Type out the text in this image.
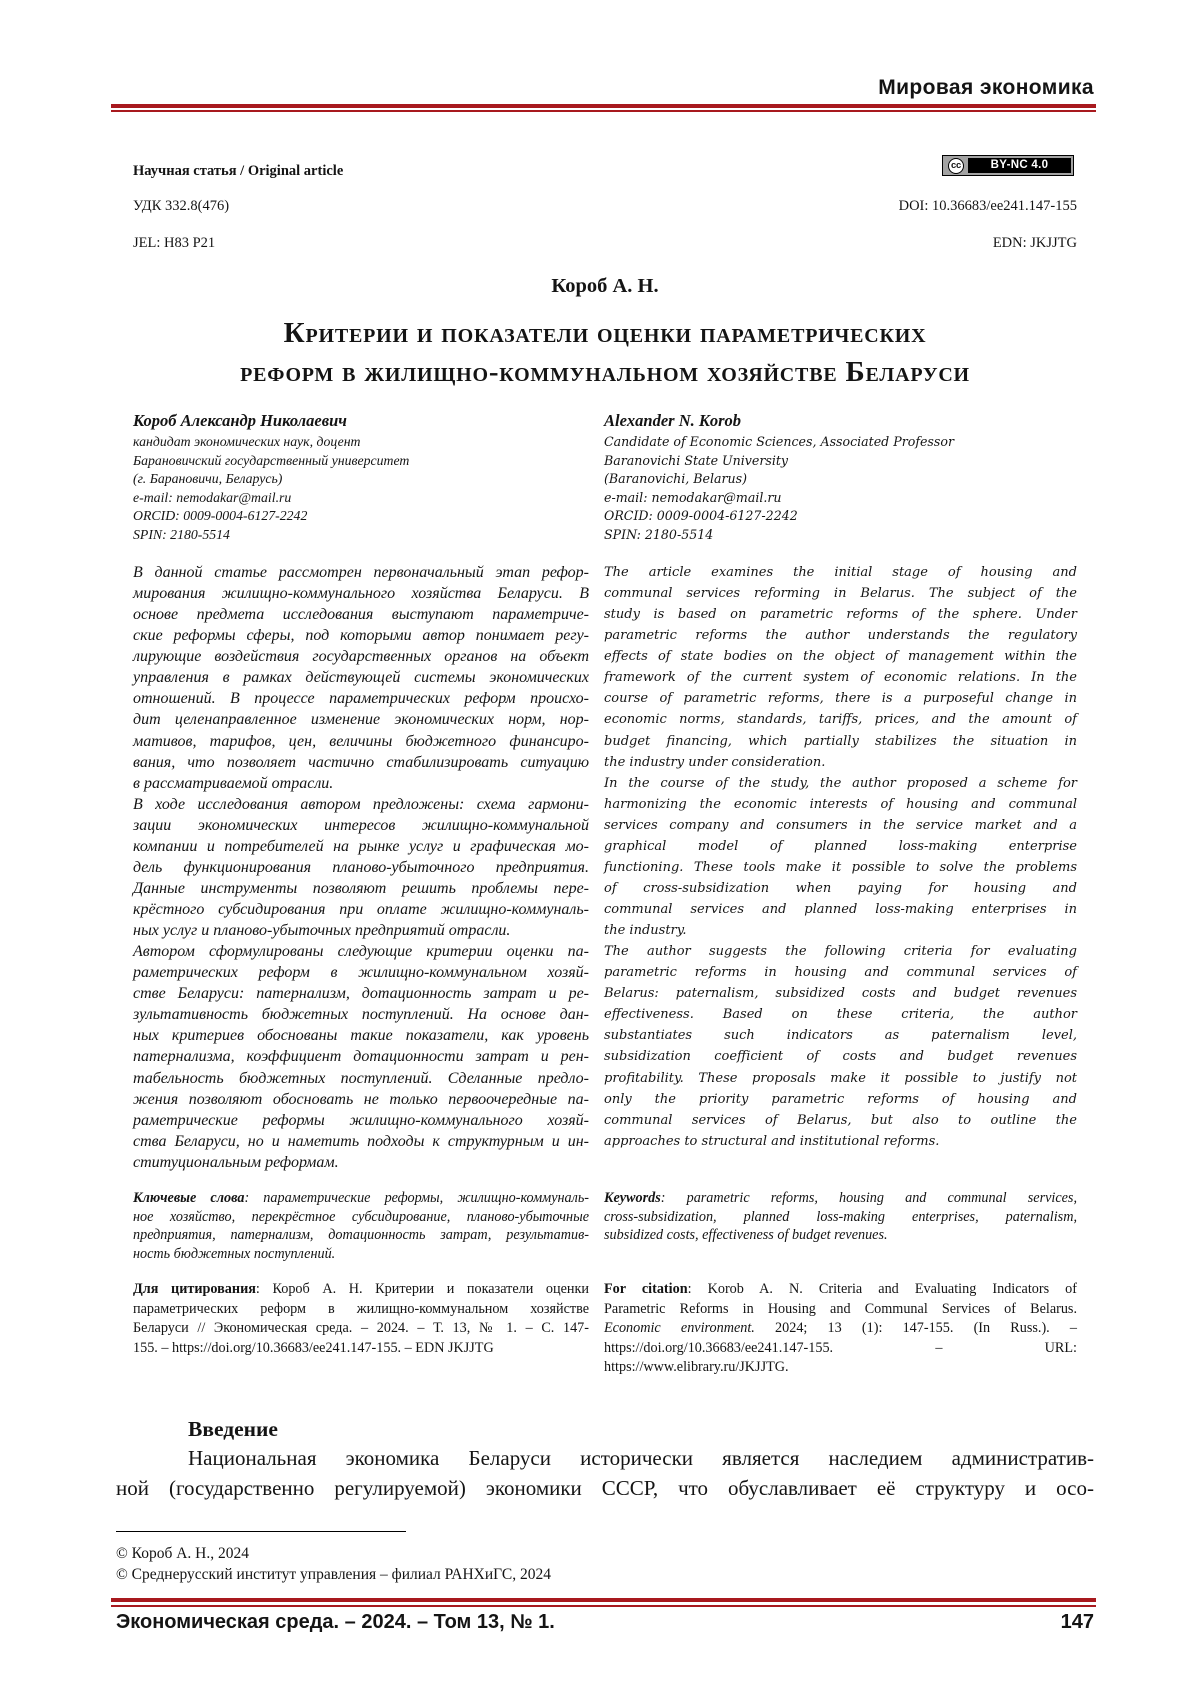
Мировая экономика
Научная статья / Original article	cc	BY-NC 4.0
УДК 332.8(476)	DOI: 10.36683/ee241.147-155
JEL: H83 P21	EDN: JKJJTG
Короб А. Н.
Критерии и показатели оценки параметрических
реформ в жилищно-коммунальном хозяйстве Беларуси
Короб Александр Николаевич	Alexander N. Korob
кандидат экономических наук, доцент
Барановичский государственный университет
(г. Барановичи, Беларусь)
e-mail: nemodakar@mail.ru
ORCID: 0009-0004-6127-2242
SPIN: 2180-5514
Candidate of Economic Sciences, Associated Professor
Baranovichi State University
(Baranovichi, Belarus)
e-mail: nemodakar@mail.ru
ORCID: 0009-0004-6127-2242
SPIN: 2180-5514
В данной статье рассмотрен первоначальный этап рефор-
мирования жилищно-коммунального хозяйства Беларуси. В
основе предмета исследования выступают параметриче-
ские реформы сферы, под которыми автор понимает регу-
лирующие воздействия государственных органов на объект
управления в рамках действующей системы экономических
отношений. В процессе параметрических реформ происхо-
дит целенаправленное изменение экономических норм, нор-
мативов, тарифов, цен, величины бюджетного финансиро-
вания, что позволяет частично стабилизировать ситуацию
в рассматриваемой отрасли.
В ходе исследования автором предложены: схема гармони-
зации экономических интересов жилищно-коммунальной
компании и потребителей на рынке услуг и графическая мо-
дель функционирования планово-убыточного предприятия.
Данные инструменты позволяют решить проблемы пере-
крёстного субсидирования при оплате жилищно-коммуналь-
ных услуг и планово-убыточных предприятий отрасли.
Автором сформулированы следующие критерии оценки па-
раметрических реформ в жилищно-коммунальном хозяй-
стве Беларуси: патернализм, дотационность затрат и ре-
зультативность бюджетных поступлений. На основе дан-
ных критериев обоснованы такие показатели, как уровень
патернализма, коэффициент дотационности затрат и рен-
табельность бюджетных поступлений. Сделанные предло-
жения позволяют обосновать не только первоочередные па-
раметрические реформы жилищно-коммунального хозяй-
ства Беларуси, но и наметить подходы к структурным и ин-
ституциональным реформам.
The article examines the initial stage of housing and
communal services reforming in Belarus. The subject of the
study is based on parametric reforms of the sphere. Under
parametric reforms the author understands the regulatory
effects of state bodies on the object of management within the
framework of the current system of economic relations. In the
course of parametric reforms, there is a purposeful change in
economic norms, standards, tariffs, prices, and the amount of
budget financing, which partially stabilizes the situation in
the industry under consideration.
In the course of the study, the author proposed a scheme for
harmonizing the economic interests of housing and communal
services company and consumers in the service market and a
graphical model of planned loss-making enterprise
functioning. These tools make it possible to solve the problems
of cross-subsidization when paying for housing and
communal services and planned loss-making enterprises in
the industry.
The author suggests the following criteria for evaluating
parametric reforms in housing and communal services of
Belarus: paternalism, subsidized costs and budget revenues
effectiveness. Based on these criteria, the author
substantiates such indicators as paternalism level,
subsidization coefficient of costs and budget revenues
profitability. These proposals make it possible to justify not
only the priority parametric reforms of housing and
communal services of Belarus, but also to outline the
approaches to structural and institutional reforms.
Ключевые слова: параметрические реформы, жилищно-коммуналь-
ное хозяйство, перекрёстное субсидирование, планово-убыточные
предприятия, патернализм, дотационность затрат, результатив-
ность бюджетных поступлений.
Keywords: parametric reforms, housing and communal services,
cross-subsidization, planned loss-making enterprises, paternalism,
subsidized costs, effectiveness of budget revenues.
Для цитирования: Короб А. Н. Критерии и показатели оценки
параметрических реформ в жилищно-коммунальном хозяйстве
Беларуси // Экономическая среда. – 2024. – Т. 13, № 1. – С. 147-
155. – https://doi.org/10.36683/ee241.147-155. – EDN JKJJTG
For citation: Korob A. N. Criteria and Evaluating Indicators of
Parametric Reforms in Housing and Communal Services of Belarus.
Economic environment. 2024; 13 (1): 147-155. (In Russ.). –
https://doi.org/10.36683/ee241.147-155. – URL:
https://www.elibrary.ru/JKJJTG.
Введение
Национальная экономика Беларуси исторически является наследием административ-
ной (государственно регулируемой) экономики СССР, что обуславливает её структуру и осо-
© Короб А. Н., 2024
© Среднерусский институт управления – филиал РАНХиГС, 2024
Экономическая среда. – 2024. – Том 13, № 1.	147
